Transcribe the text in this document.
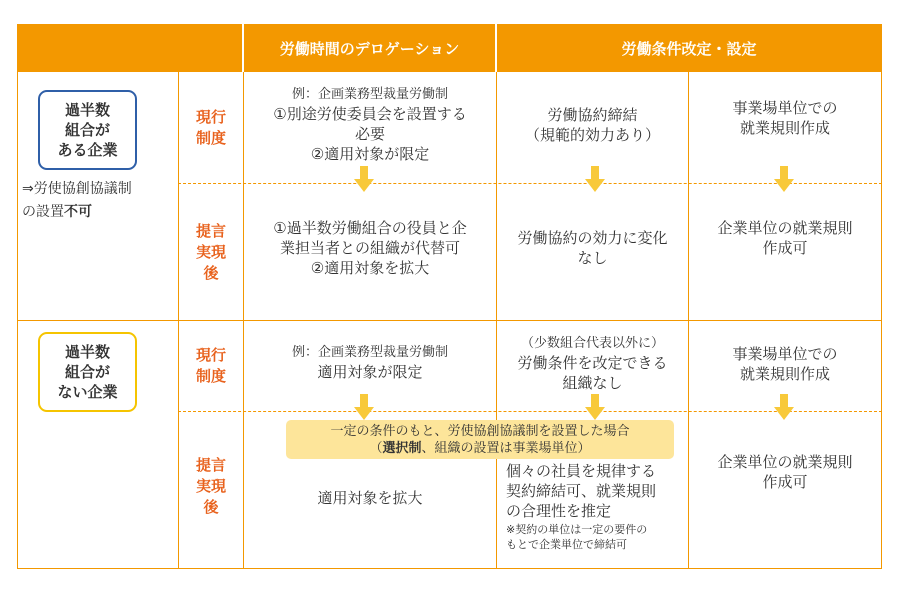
労働時間のデロゲーション	労働条件改定・設定
過半数
組合が
ある企業
⇒労使協創協議制
の設置不可
現行
制度
提言
実現
後
例：企画業務型裁量労働制
①別途労使委員会を設置する
必要
②適用対象が限定
労働協約締結
（規範的効力あり）
事業場単位での
就業規則作成
①過半数労働組合の役員と企
業担当者との組織が代替可
②適用対象を拡大
労働協約の効力に変化
なし
企業単位の就業規則
作成可
過半数
組合が
ない企業
現行
制度
提言
実現
後
例：企画業務型裁量労働制
適用対象が限定
（少数組合代表以外に）
労働条件を改定できる
組織なし
事業場単位での
就業規則作成
一定の条件のもと、労使協創協議制を設置した場合
（選択制、組織の設置は事業場単位）
適用対象を拡大
個々の社員を規律する
契約締結可、就業規則
の合理性を推定
※契約の単位は一定の要件の
もとで企業単位で締結可
企業単位の就業規則
作成可
